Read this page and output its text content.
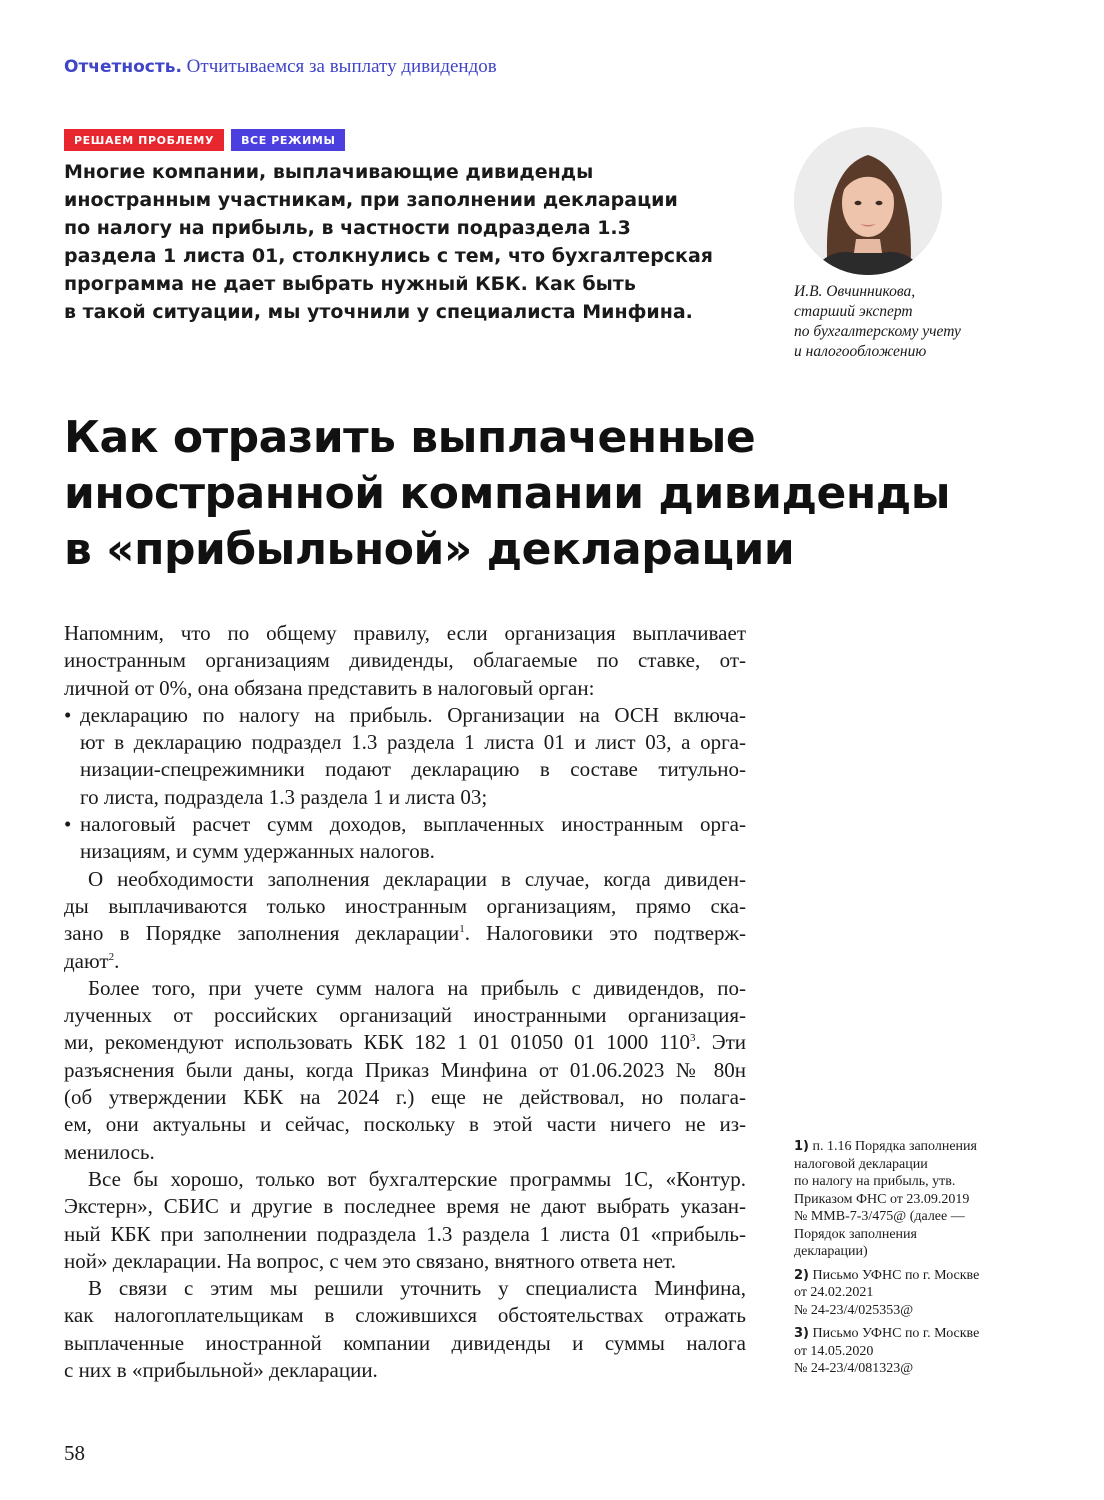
Отчетность. Отчитываемся за выплату дивидендов
РЕШАЕМ ПРОБЛЕМУ	ВСЕ РЕЖИМЫ
Многие компании, выплачивающие дивиденды
иностранным участникам, при заполнении декларации
по налогу на прибыль, в частности подраздела 1.3
раздела 1 листа 01, столкнулись с тем, что бухгалтерская
программа не дает выбрать нужный КБК. Как быть
в такой ситуации, мы уточнили у специалиста Минфина.
И.В. Овчинникова,
старший эксперт
по бухгалтерскому учету
и налогообложению
Как отразить выплаченные
иностранной компании дивиденды
в «прибыльной» декларации
Напомним, что по общему правилу, если организация выплачивает
иностранным организациям дивиденды, облагаемые по ставке, от-
личной от 0%, она обязана представить в налоговый орган:
• декларацию по налогу на прибыль. Организации на ОСН включа-
ют в декларацию подраздел 1.3 раздела 1 листа 01 и лист 03, а орга-
низации-спецрежимники подают декларацию в составе титульно-
го листа, подраздела 1.3 раздела 1 и листа 03;
• налоговый расчет сумм доходов, выплаченных иностранным орга-
низациям, и сумм удержанных налогов.
О необходимости заполнения декларации в случае, когда дивиден-
ды выплачиваются только иностранным организациям, прямо ска-
зано в Порядке заполнения декларации$^1$. Налоговики это подтверж-
дают$^2$.
Более того, при учете сумм налога на прибыль с дивидендов, по-
лученных от российских организаций иностранными организация-
ми, рекомендуют использовать КБК 182 1 01 01050 01 1000 $110^3$. Эти
разъяснения были даны, когда Приказ Минфина от 01.06.2023 № 80н
(об утверждении КБК на 2024 г.) еще не действовал, но полага-
ем, они актуальны и сейчас, поскольку в этой части ничего не из-
менилось.
Все бы хорошо, только вот бухгалтерские программы 1С, «Контур.
Экстерн», СБИС и другие в последнее время не дают выбрать указан-
ный КБК при заполнении подраздела 1.3 раздела 1 листа 01 «прибыль-
ной» декларации. На вопрос, с чем это связано, внятного ответа нет.
В связи с этим мы решили уточнить у специалиста Минфина,
как налогоплательщикам в сложившихся обстоятельствах отражать
выплаченные иностранной компании дивиденды и суммы налога
с них в «прибыльной» декларации.
1) п. 1.16 Порядка заполнения
налоговой декларации
по налогу на прибыль, утв.
Приказом ФНС от 23.09.2019
№ ММВ-7-3/475@ (далее —
Порядок заполнения
декларации)
2) Письмо УФНС по г. Москве
от 24.02.2021
№ 24-23/4/025353@
3) Письмо УФНС по г. Москве
от 14.05.2020
№ 24-23/4/081323@
58
